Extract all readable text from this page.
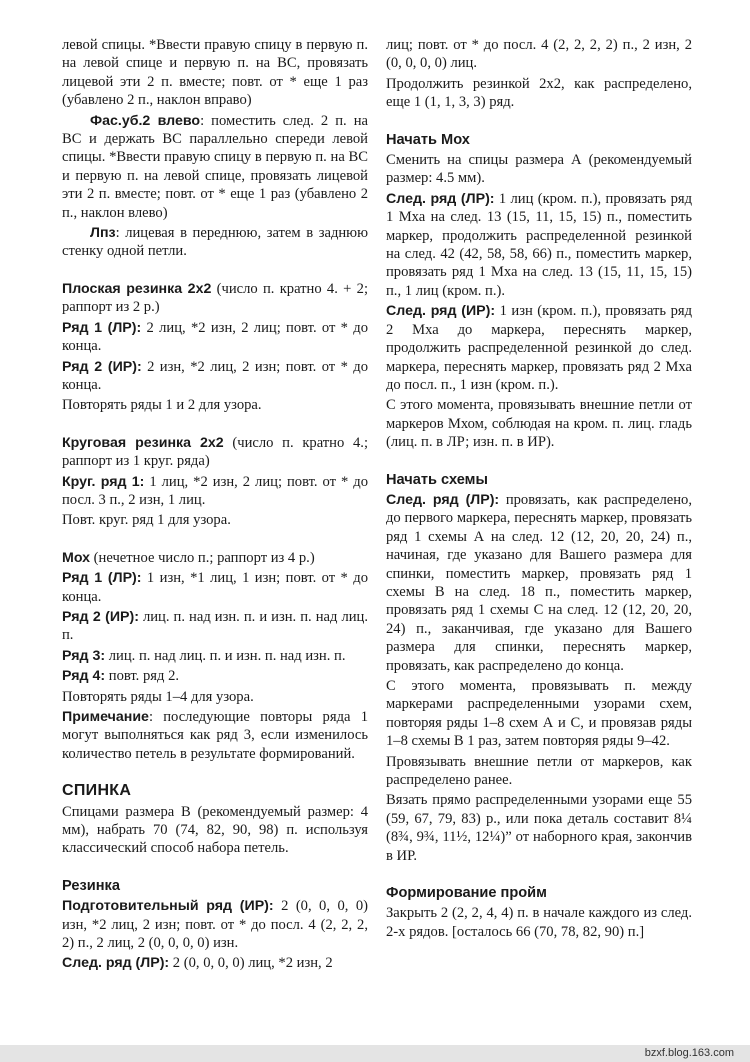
левой спицы. *Ввести правую спицу в первую п. на левой спице и первую п. на ВС, провязать лицевой эти 2 п. вместе; повт. от * еще 1 раз (убавлено 2 п., наклон вправо)

Фас.уб.2 влево: поместить след. 2 п. на ВС и держать ВС параллельно спереди левой спицы. *Ввести правую спицу в первую п. на ВС и первую п. на левой спице, провязать лицевой эти 2 п. вместе; повт. от * еще 1 раз (убавлено 2 п., наклон влево)

Лпз: лицевая в переднюю, затем в заднюю стенку одной петли.

Плоская резинка 2x2 (число п. кратно 4. + 2; раппорт из 2 р.)

Ряд 1 (ЛР): 2 лиц, *2 изн, 2 лиц; повт. от * до конца.

Ряд 2 (ИР): 2 изн, *2 лиц, 2 изн; повт. от * до конца.

Повторять ряды 1 и 2 для узора.

Круговая резинка 2x2 (число п. кратно 4.; раппорт из 1 круг. ряда)

Круг. ряд 1: 1 лиц, *2 изн, 2 лиц; повт. от * до посл. 3 п., 2 изн, 1 лиц.

Повт. круг. ряд 1 для узора.

Мох (нечетное число п.; раппорт из 4 р.)

Ряд 1 (ЛР): 1 изн, *1 лиц, 1 изн; повт. от * до конца.

Ряд 2 (ИР): лиц. п. над изн. п. и изн. п. над лиц. п.

Ряд 3: лиц. п. над лиц. п. и изн. п. над изн. п.

Ряд 4: повт. ряд 2.

Повторять ряды 1–4 для узора.

Примечание: последующие повторы ряда 1 могут выполняться как ряд 3, если изменилось количество петель в результате формирований.

СПИНКА

Спицами размера В (рекомендуемый размер: 4 мм), набрать 70 (74, 82, 90, 98) п. используя классический способ набора петель.

Резинка

Подготовительный ряд (ИР): 2 (0, 0, 0, 0) изн, *2 лиц, 2 изн; повт. от * до посл. 4 (2, 2, 2, 2) п., 2 лиц, 2 (0, 0, 0, 0) изн.

След. ряд (ЛР): 2 (0, 0, 0, 0) лиц, *2 изн, 2

лиц; повт. от * до посл. 4 (2, 2, 2, 2) п., 2 изн, 2 (0, 0, 0, 0) лиц.

Продолжить резинкой 2x2, как распределено, еще 1 (1, 1, 3, 3) ряд.

Начать Мох

Сменить на спицы размера А (рекомендуемый размер: 4.5 мм).

След. ряд (ЛР): 1 лиц (кром. п.), провязать ряд 1 Мха на след. 13 (15, 11, 15, 15) п., поместить маркер, продолжить распределенной резинкой на след. 42 (42, 58, 58, 66) п., поместить маркер, провязать ряд 1 Мха на след. 13 (15, 11, 15, 15) п., 1 лиц (кром. п.).

След. ряд (ИР): 1 изн (кром. п.), провязать ряд 2 Мха до маркера, переснять маркер, продолжить распределенной резинкой до след. маркера, переснять маркер, провязать ряд 2 Мха до посл. п., 1 изн (кром. п.).

С этого момента, провязывать внешние петли от маркеров Мхом, соблюдая на кром. п. лиц. гладь (лиц. п. в ЛР; изн. п. в ИР).

Начать схемы

След. ряд (ЛР): провязать, как распределено, до первого маркера, переснять маркер, провязать ряд 1 схемы А на след. 12 (12, 20, 20, 24) п., начиная, где указано для Вашего размера для спинки, поместить маркер, провязать ряд 1 схемы В на след. 18 п., поместить маркер, провязать ряд 1 схемы С на след. 12 (12, 20, 20, 24) п., заканчивая, где указано для Вашего размера для спинки, переснять маркер, провязать, как распределено до конца.

С этого момента, провязывать п. между маркерами распределенными узорами схем, повторяя ряды 1–8 схем А и С, и провязав ряды 1–8 схемы В 1 раз, затем повторяя ряды 9–42.

Провязывать внешние петли от маркеров, как распределено ранее.

Вязать прямо распределенными узорами еще 55 (59, 67, 79, 83) р., или пока деталь составит 8¼ (8¾, 9¾, 11½, 12¼)” от наборного края, закончив в ИР.

Формирование пройм

Закрыть 2 (2, 2, 4, 4) п. в начале каждого из след. 2-х рядов. [осталось 66 (70, 78, 82, 90) п.]

bzxf.blog.163.com
